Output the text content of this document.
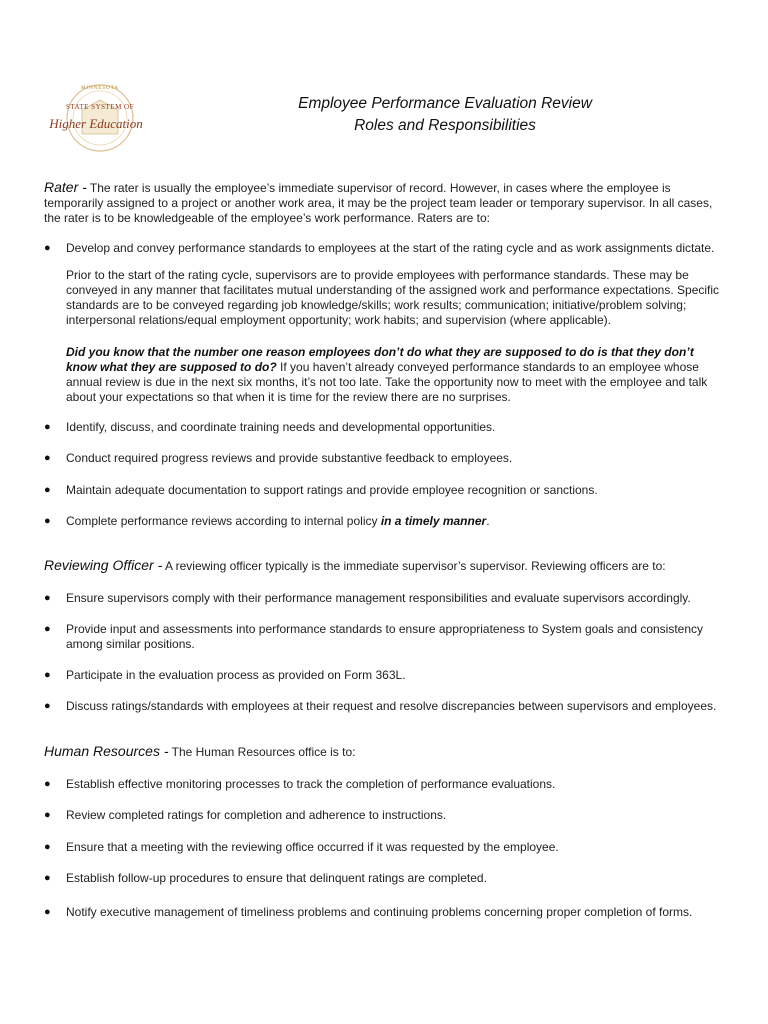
MINNESOTA
STATE SYSTEM OF
Higher Education
Employee Performance Evaluation Review
Roles and Responsibilities
Rater - The rater is usually the employee’s immediate supervisor of record. However, in cases where the employee is temporarily assigned to a project or another work area, it may be the project team leader or temporary supervisor. In all cases, the rater is to be knowledgeable of the employee’s work performance. Raters are to:
● Develop and convey performance standards to employees at the start of the rating cycle and as work assignments dictate.
Prior to the start of the rating cycle, supervisors are to provide employees with performance standards. These may be conveyed in any manner that facilitates mutual understanding of the assigned work and performance expectations. Specific standards are to be conveyed regarding job knowledge/skills; work results; communication; initiative/problem solving; interpersonal relations/equal employment opportunity; work habits; and supervision (where applicable).
Did you know that the number one reason employees don’t do what they are supposed to do is that they don’t know what they are supposed to do? If you haven’t already conveyed performance standards to an employee whose annual review is due in the next six months, it’s not too late. Take the opportunity now to meet with the employee and talk about your expectations so that when it is time for the review there are no surprises.
● Identify, discuss, and coordinate training needs and developmental opportunities.
● Conduct required progress reviews and provide substantive feedback to employees.
● Maintain adequate documentation to support ratings and provide employee recognition or sanctions.
● Complete performance reviews according to internal policy in a timely manner.
Reviewing Officer - A reviewing officer typically is the immediate supervisor’s supervisor. Reviewing officers are to:
● Ensure supervisors comply with their performance management responsibilities and evaluate supervisors accordingly.
● Provide input and assessments into performance standards to ensure appropriateness to System goals and consistency among similar positions.
● Participate in the evaluation process as provided on Form 363L.
● Discuss ratings/standards with employees at their request and resolve discrepancies between supervisors and employees.
Human Resources - The Human Resources office is to:
● Establish effective monitoring processes to track the completion of performance evaluations.
● Review completed ratings for completion and adherence to instructions.
● Ensure that a meeting with the reviewing office occurred if it was requested by the employee.
● Establish follow-up procedures to ensure that delinquent ratings are completed.
● Notify executive management of timeliness problems and continuing problems concerning proper completion of forms.
